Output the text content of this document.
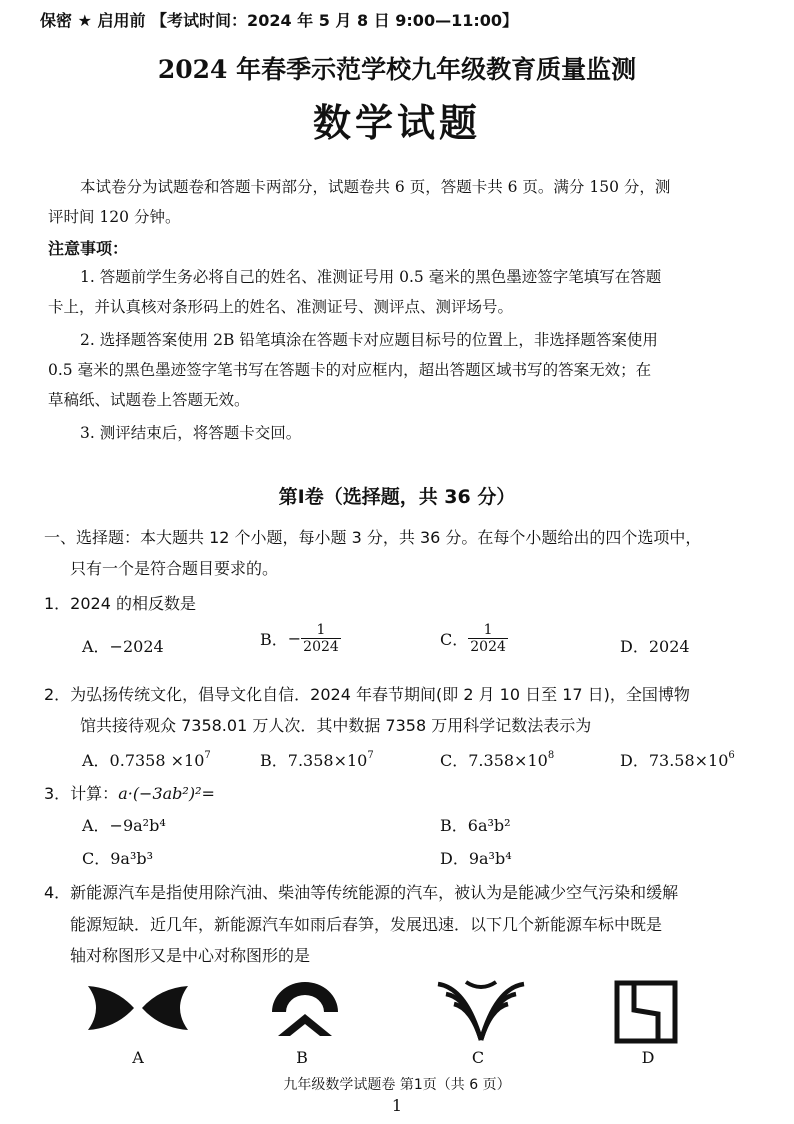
保密 ★ 启用前 【考试时间：2024 年 5 月 8 日 9:00—11:00】
2024 年春季示范学校九年级教育质量监测
数学试题
本试卷分为试题卷和答题卡两部分，试题卷共 6 页，答题卡共 6 页。满分 150 分，测
评时间 120 分钟。
注意事项：
1. 答题前学生务必将自己的姓名、准测证号用 0.5 毫米的黑色墨迹签字笔填写在答题
卡上，并认真核对条形码上的姓名、准测证号、测评点、测评场号。
2. 选择题答案使用 2B 铅笔填涂在答题卡对应题目标号的位置上，非选择题答案使用
0.5 毫米的黑色墨迹签字笔书写在答题卡的对应框内，超出答题区域书写的答案无效；在
草稿纸、试题卷上答题无效。
3. 测评结束后，将答题卡交回。
第Ⅰ卷（选择题，共 36 分）
一、选择题：本大题共 12 个小题，每小题 3 分，共 36 分。在每个小题给出的四个选项中，
只有一个是符合题目要求的。
1．2024 的相反数是
A．−2024	B． − $\frac{1}{2024}$	C． $\frac{1}{2024}$	D．2024
2．为弘扬传统文化，倡导文化自信．2024 年春节期间(即 2 月 10 日至 17 日)，全国博物
馆共接待观众 7358.01 万人次．其中数据 7358 万用科学记数法表示为
A．$0.7358 \times 10^7$	B．$7.358\times 10^7$	C．$7.358\times 10^8$	D．$73.58\times 10^6$
3．计算：a·(−3ab²)²=
A．−9a²b⁴	B．6a³b²
C．9a³b³	D．9a³b⁴
4．新能源汽车是指使用除汽油、柴油等传统能源的汽车，被认为是能减少空气污染和缓解
能源短缺．近几年，新能源汽车如雨后春笋，发展迅速．以下几个新能源车标中既是
轴对称图形又是中心对称图形的是
A	B	C	D
九年级数学试题卷 第1页（共 6 页）
1
